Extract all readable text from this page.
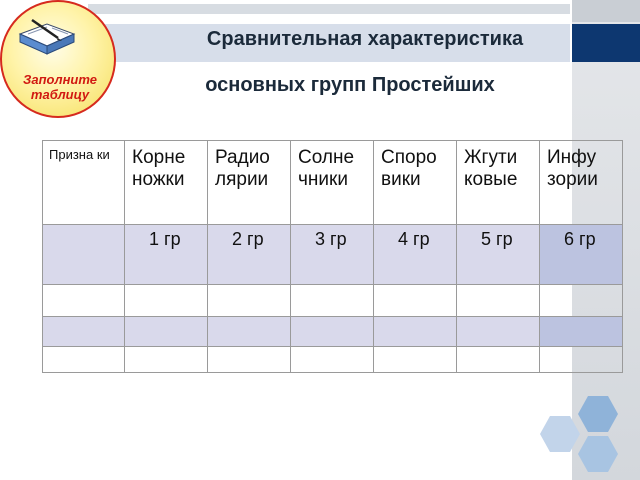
Сравнительная характеристика
основных групп Простейших
Заполните
таблицу
Призна ки	Корне ножки	Радио лярии	Солне чники	Споро вики	Жгути ковые	Инфу зории
	1 гр	2 гр	3 гр	4 гр	5 гр	6 гр
